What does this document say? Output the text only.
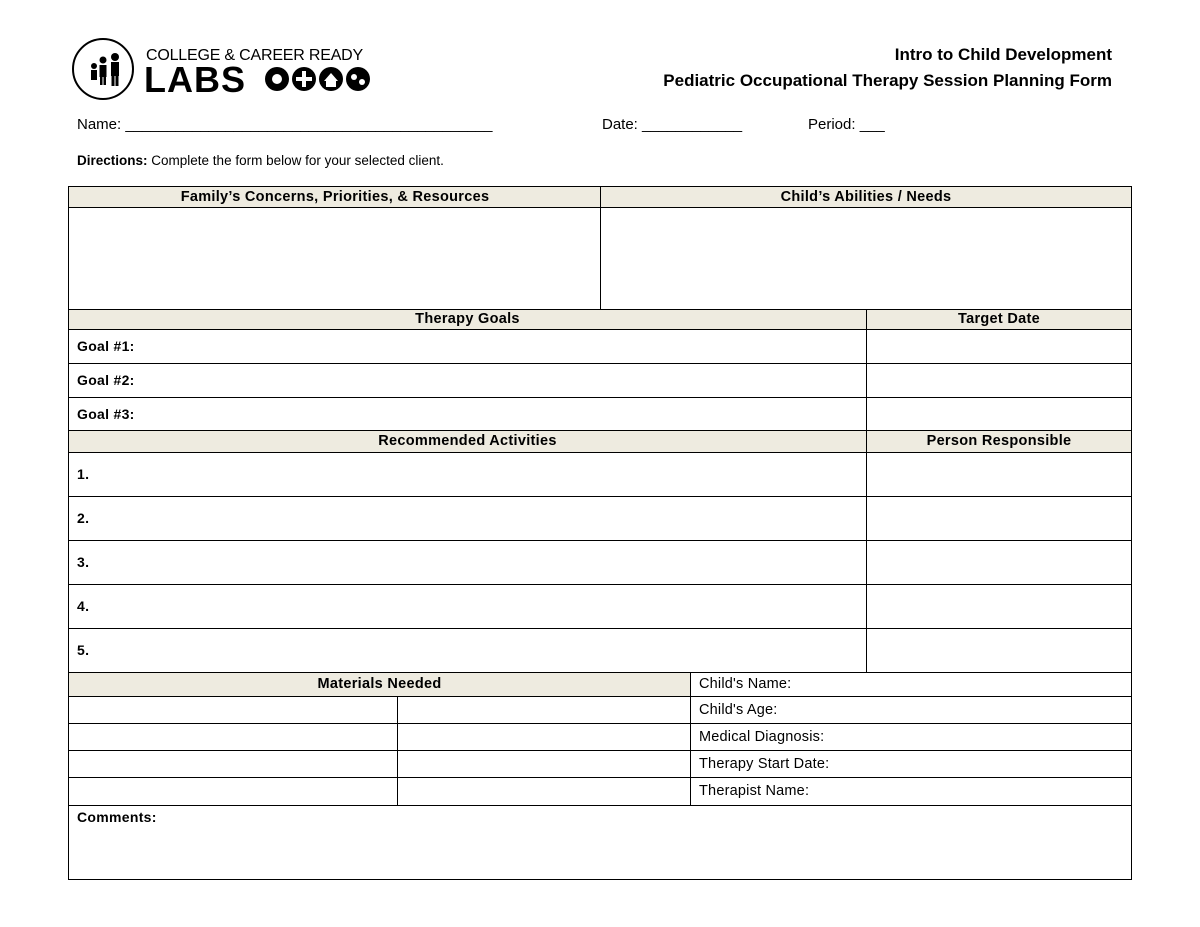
COLLEGE & CAREER READY
LABS
Intro to Child Development
Pediatric Occupational Therapy Session Planning Form
Name: ____________________________________________	Date: ____________	Period: ___
Directions: Complete the form below for your selected client.
Family’s Concerns, Priorities, & Resources	Child’s Abilities / Needs
Therapy Goals	Target Date
Goal #1:
Goal #2:
Goal #3:
Recommended Activities	Person Responsible
1.
2.
3.
4.
5.
Materials Needed	Child's Name:
Child's Age:
Medical Diagnosis:
Therapy Start Date:
Therapist Name:
Comments:
